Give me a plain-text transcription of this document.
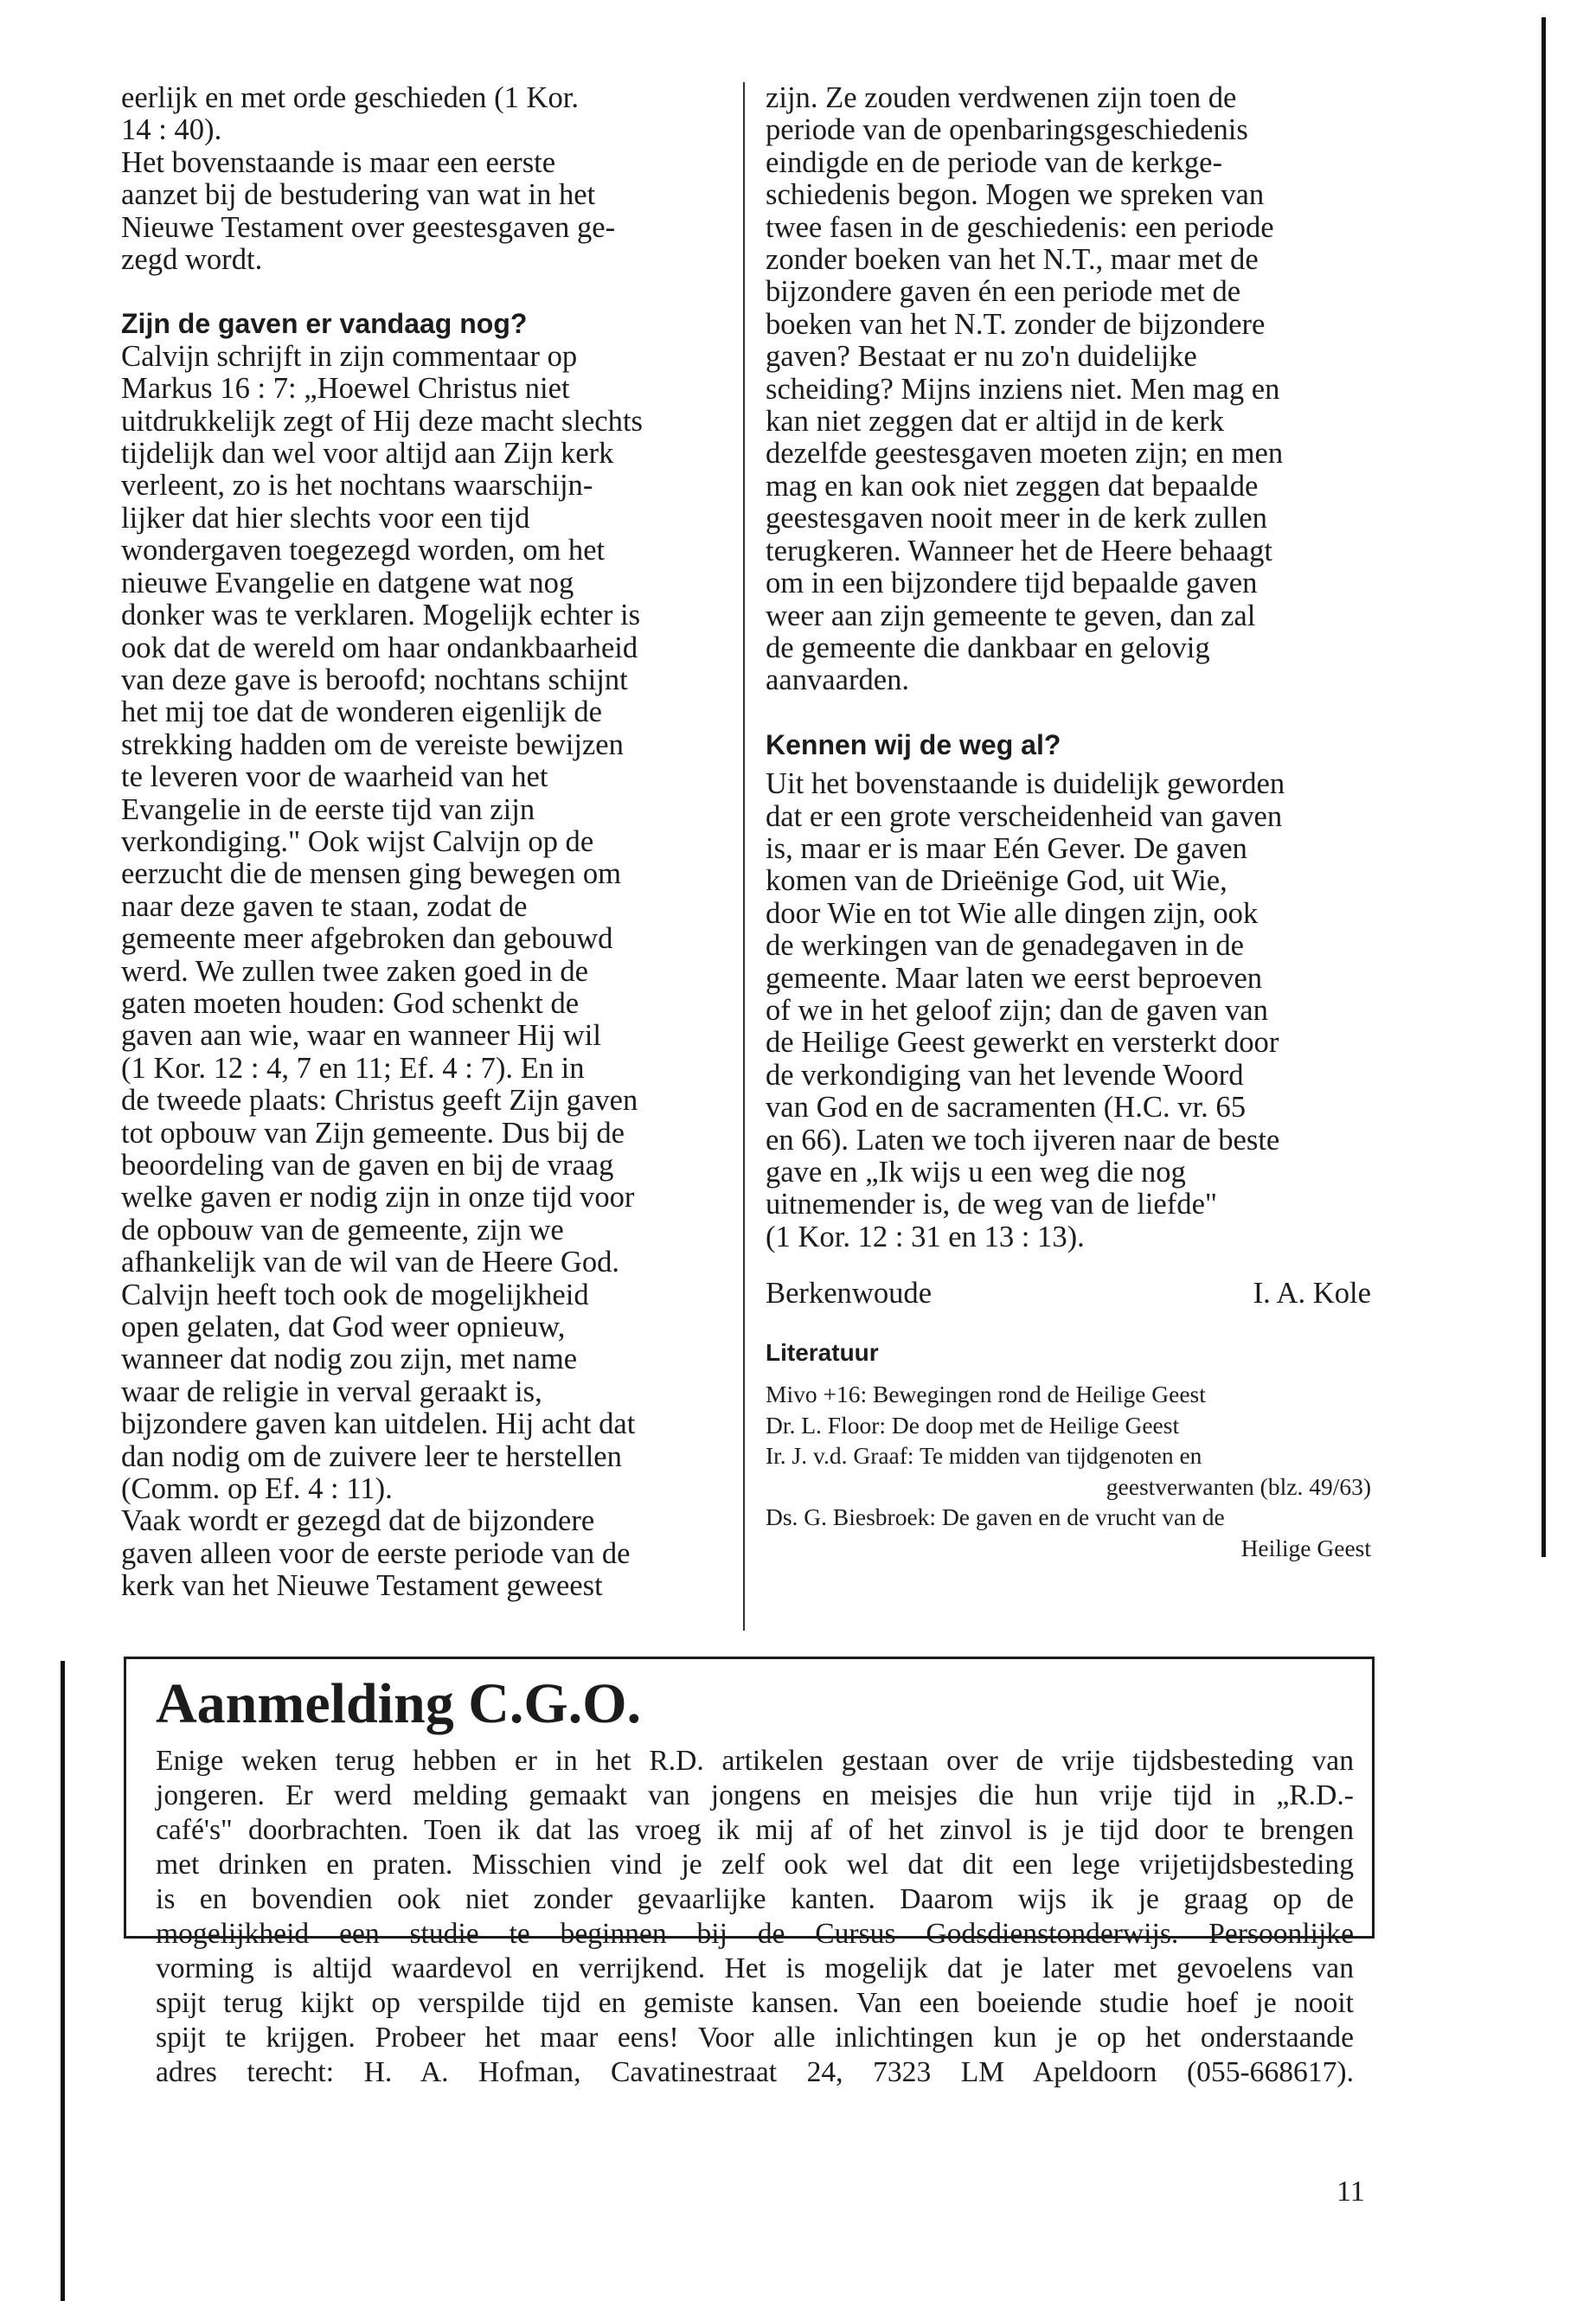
eerlijk en met orde geschieden (1 Kor.
14 : 40).
Het bovenstaande is maar een eerste
aanzet bij de bestudering van wat in het
Nieuwe Testament over geestesgaven ge-
zegd wordt.
Zijn de gaven er vandaag nog?
Calvijn schrijft in zijn commentaar op
Markus 16 : 7: „Hoewel Christus niet
uitdrukkelijk zegt of Hij deze macht slechts
tijdelijk dan wel voor altijd aan Zijn kerk
verleent, zo is het nochtans waarschijn-
lijker dat hier slechts voor een tijd
wondergaven toegezegd worden, om het
nieuwe Evangelie en datgene wat nog
donker was te verklaren. Mogelijk echter is
ook dat de wereld om haar ondankbaarheid
van deze gave is beroofd; nochtans schijnt
het mij toe dat de wonderen eigenlijk de
strekking hadden om de vereiste bewijzen
te leveren voor de waarheid van het
Evangelie in de eerste tijd van zijn
verkondiging." Ook wijst Calvijn op de
eerzucht die de mensen ging bewegen om
naar deze gaven te staan, zodat de
gemeente meer afgebroken dan gebouwd
werd. We zullen twee zaken goed in de
gaten moeten houden: God schenkt de
gaven aan wie, waar en wanneer Hij wil
(1 Kor. 12 : 4, 7 en 11; Ef. 4 : 7). En in
de tweede plaats: Christus geeft Zijn gaven
tot opbouw van Zijn gemeente. Dus bij de
beoordeling van de gaven en bij de vraag
welke gaven er nodig zijn in onze tijd voor
de opbouw van de gemeente, zijn we
afhankelijk van de wil van de Heere God.
Calvijn heeft toch ook de mogelijkheid
open gelaten, dat God weer opnieuw,
wanneer dat nodig zou zijn, met name
waar de religie in verval geraakt is,
bijzondere gaven kan uitdelen. Hij acht dat
dan nodig om de zuivere leer te herstellen
(Comm. op Ef. 4 : 11).
Vaak wordt er gezegd dat de bijzondere
gaven alleen voor de eerste periode van de
kerk van het Nieuwe Testament geweest
zijn. Ze zouden verdwenen zijn toen de
periode van de openbaringsgeschiedenis
eindigde en de periode van de kerkge-
schiedenis begon. Mogen we spreken van
twee fasen in de geschiedenis: een periode
zonder boeken van het N.T., maar met de
bijzondere gaven én een periode met de
boeken van het N.T. zonder de bijzondere
gaven? Bestaat er nu zo'n duidelijke
scheiding? Mijns inziens niet. Men mag en
kan niet zeggen dat er altijd in de kerk
dezelfde geestesgaven moeten zijn; en men
mag en kan ook niet zeggen dat bepaalde
geestesgaven nooit meer in de kerk zullen
terugkeren. Wanneer het de Heere behaagt
om in een bijzondere tijd bepaalde gaven
weer aan zijn gemeente te geven, dan zal
de gemeente die dankbaar en gelovig
aanvaarden.
Kennen wij de weg al?
Uit het bovenstaande is duidelijk geworden
dat er een grote verscheidenheid van gaven
is, maar er is maar Eén Gever. De gaven
komen van de Drieënige God, uit Wie,
door Wie en tot Wie alle dingen zijn, ook
de werkingen van de genadegaven in de
gemeente. Maar laten we eerst beproeven
of we in het geloof zijn; dan de gaven van
de Heilige Geest gewerkt en versterkt door
de verkondiging van het levende Woord
van God en de sacramenten (H.C. vr. 65
en 66). Laten we toch ijveren naar de beste
gave en „Ik wijs u een weg die nog
uitnemender is, de weg van de liefde"
(1 Kor. 12 : 31 en 13 : 13).
Berkenwoude	I. A. Kole
Literatuur
Mivo +16: Bewegingen rond de Heilige Geest
Dr. L. Floor: De doop met de Heilige Geest
Ir. J. v.d. Graaf: Te midden van tijdgenoten en
geestverwanten (blz. 49/63)
Ds. G. Biesbroek: De gaven en de vrucht van de
Heilige Geest
Aanmelding C.G.O.
Enige weken terug hebben er in het R.D. artikelen gestaan over de vrije tijdsbesteding van
jongeren. Er werd melding gemaakt van jongens en meisjes die hun vrije tijd in „R.D.-
café's" doorbrachten. Toen ik dat las vroeg ik mij af of het zinvol is je tijd door te brengen
met drinken en praten. Misschien vind je zelf ook wel dat dit een lege vrijetijdsbesteding
is en bovendien ook niet zonder gevaarlijke kanten. Daarom wijs ik je graag op de
mogelijkheid een studie te beginnen bij de Cursus Godsdienstonderwijs. Persoonlijke
vorming is altijd waardevol en verrijkend. Het is mogelijk dat je later met gevoelens van
spijt terug kijkt op verspilde tijd en gemiste kansen. Van een boeiende studie hoef je nooit
spijt te krijgen. Probeer het maar eens! Voor alle inlichtingen kun je op het onderstaande
adres terecht: H. A. Hofman, Cavatinestraat 24, 7323 LM Apeldoorn (055-668617).
11
